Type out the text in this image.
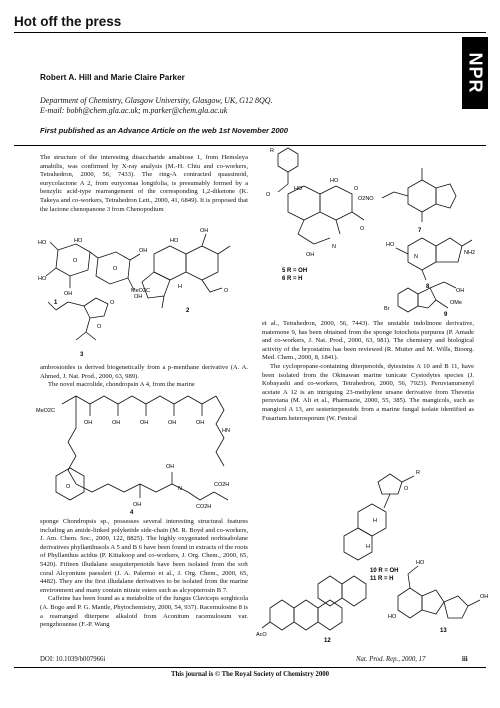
Hot off the press
NPR
Robert A. Hill and Marie Claire Parker
Department of Chemistry, Glasgow University, Glasgow, UK, G12 8QQ.
E-mail: bobh@chem.gla.ac.uk; m.parker@chem.gla.ac.uk
First published as an Advance Article on the web 1st November 2000

The structure of the interesting disaccharide amabiose 1, from Hemsleya amabilis, was confirmed by X-ray analysis (M.-H. Chiu and co-workers, Tetrahedron, 2000, 56, 7433). The ring-A contracted quassinoid, eurycolactone A 2, from euryconaa longifolia, is presumably formed by a benzylic acid-type rearrangement of the corresponding 1,2-diketone (K. Takeya and co-workers, Tetrahedron Lett., 2000, 41, 6849). It is proposed that the lactone chenopanone 3 from Chenopodium

HO
HO
OH
HO
O
O
OH
OH
1
MeO2C
HO
OH
O
H
2
O
O
3

ambrosioides is derived biogenetically from a p-menthane derivative (A. A. Ahmed, J. Nat. Prod., 2000, 63, 989).

The novel macrolide, chondropsin A 4, from the marine

MeO2C
OH	OH	OH	OH	OH
HN
OH
OH
O	CO2H
CO2H
N
4

sponge Chondropsis sp., possesses several interesting structural features including an amide-linked polyketide side-chain (M. R. Boyd and co-workers, J. Am. Chem. Soc., 2000, 122, 8825). The highly oxygenated norbisabolane derivatives phyllanthusols A 5 and B 6 have been found in extracts of the roots of Phyllanthus acidus (P. Kittakoop and co-workers, J. Org. Chem., 2000, 65, 5420). Fifteen illudalane sesquiterpenoids have been isolated from the soft coral Alcyonium paessleri (J. A. Palermo et al., J. Org. Chem., 2000, 65, 4482). They are the first illudalane derivatives to be isolated from the marine environment and many contain nitrate esters such as alcyopterosin B 7.

Caffeine has been found as a metabolite of the fungus Claviceps sorghicola (A. Bogo and P. G. Mantle, Phytochemistry, 2000, 54, 937). Racemulosine 8 is a rearranged diterpene alkaloid from Aconitum racemulosum var. pengzhouense (F.-P. Wang

R
O
HO
HO
O
OH
N
O
5 R = OH
6 R = H
O2NO
7
HO
N
NH2
8
Br
OMe
OH
9

et al., Tetrahedron, 2000, 56, 7443). The unstable indolinone derivative, matemone 9, has been obtained from the sponge Iotochota purpurea (P. Amade and co-workers, J. Nat. Prod., 2000, 63, 981). The chemistry and biological activity of the bryostatins has been reviewed (R. Mutter and M. Wills, Bioorg. Med. Chem., 2000, 8, 1841).

The cyclopropane-containing diterpenoids, dytesinins A 10 and B 11, have been isolated from the Okinawan marine tunicate Cystodytes species (J. Kobayashi and co-workers, Tetrahedron, 2000, 56, 7923). Peruvianursenyl acetate A 12 is an intriguing 23-methylene ursane derivative from Thevetia peruviana (M. Ali et al., Pharmazie, 2000, 55, 385). The mangicols, such as mangicol A 13, are sesterterpenoids from a marine fungal isolate identified as Fusarium heterosporum (W. Fenical

O
R
H
H
10 R = OH
11 R = H
AcO
12
HO
OH
HO
13
DOI: 10.1039/b007966i	Nat. Prod. Rep., 2000, 17	iii
This journal is © The Royal Society of Chemistry 2000
